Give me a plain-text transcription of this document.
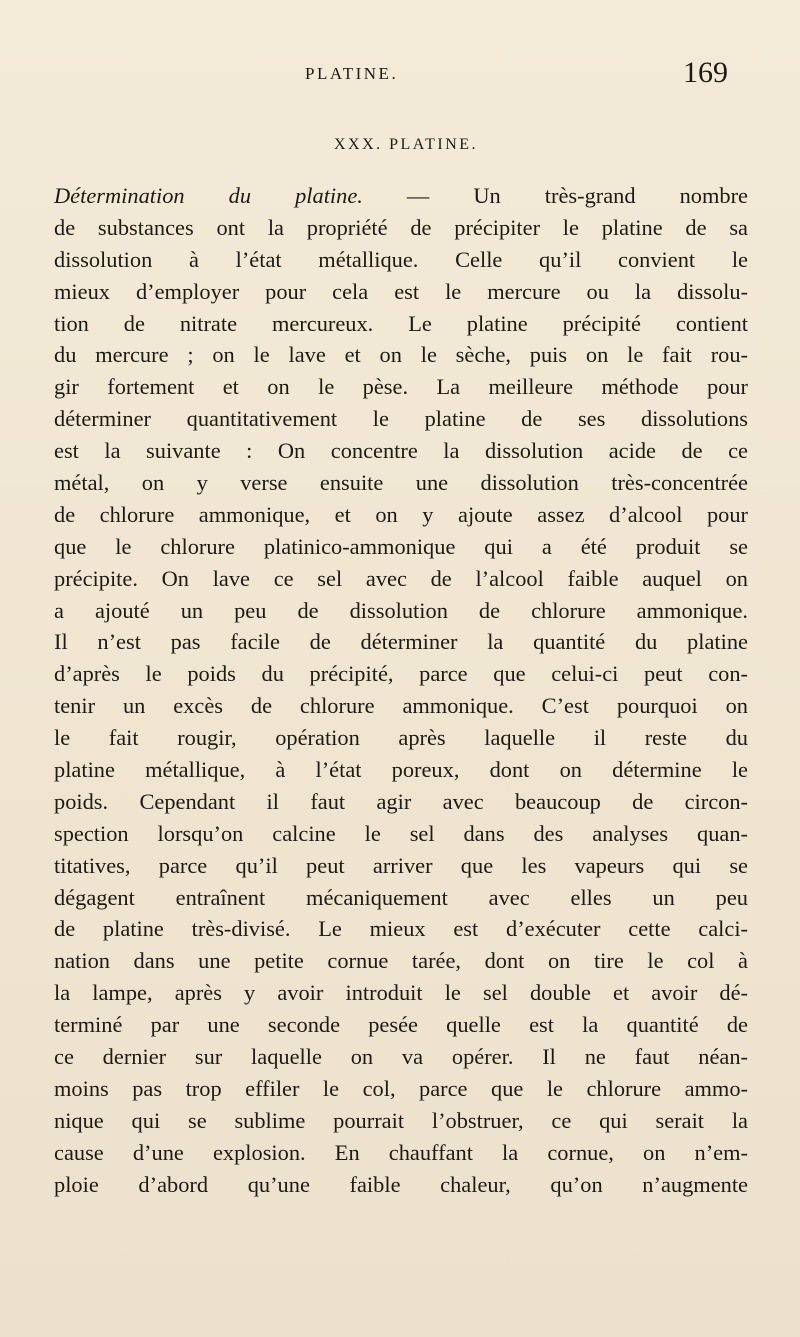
PLATINE.	169
XXX. PLATINE.
Détermination du platine. — Un très-grand nombre
de substances ont la propriété de précipiter le platine de sa
dissolution à l’état métallique. Celle qu’il convient le
mieux d’employer pour cela est le mercure ou la dissolu-
tion de nitrate mercureux. Le platine précipité contient
du mercure ; on le lave et on le sèche, puis on le fait rou-
gir fortement et on le pèse. La meilleure méthode pour
déterminer quantitativement le platine de ses dissolutions
est la suivante : On concentre la dissolution acide de ce
métal, on y verse ensuite une dissolution très-concentrée
de chlorure ammonique, et on y ajoute assez d’alcool pour
que le chlorure platinico-ammonique qui a été produit se
précipite. On lave ce sel avec de l’alcool faible auquel on
a ajouté un peu de dissolution de chlorure ammonique.
Il n’est pas facile de déterminer la quantité du platine
d’après le poids du précipité, parce que celui-ci peut con-
tenir un excès de chlorure ammonique. C’est pourquoi on
le fait rougir, opération après laquelle il reste du
platine métallique, à l’état poreux, dont on détermine le
poids. Cependant il faut agir avec beaucoup de circon-
spection lorsqu’on calcine le sel dans des analyses quan-
titatives, parce qu’il peut arriver que les vapeurs qui se
dégagent entraînent mécaniquement avec elles un peu
de platine très-divisé. Le mieux est d’exécuter cette calci-
nation dans une petite cornue tarée, dont on tire le col à
la lampe, après y avoir introduit le sel double et avoir dé-
terminé par une seconde pesée quelle est la quantité de
ce dernier sur laquelle on va opérer. Il ne faut néan-
moins pas trop effiler le col, parce que le chlorure ammo-
nique qui se sublime pourrait l’obstruer, ce qui serait la
cause d’une explosion. En chauffant la cornue, on n’em-
ploie d’abord qu’une faible chaleur, qu’on n’augmente
